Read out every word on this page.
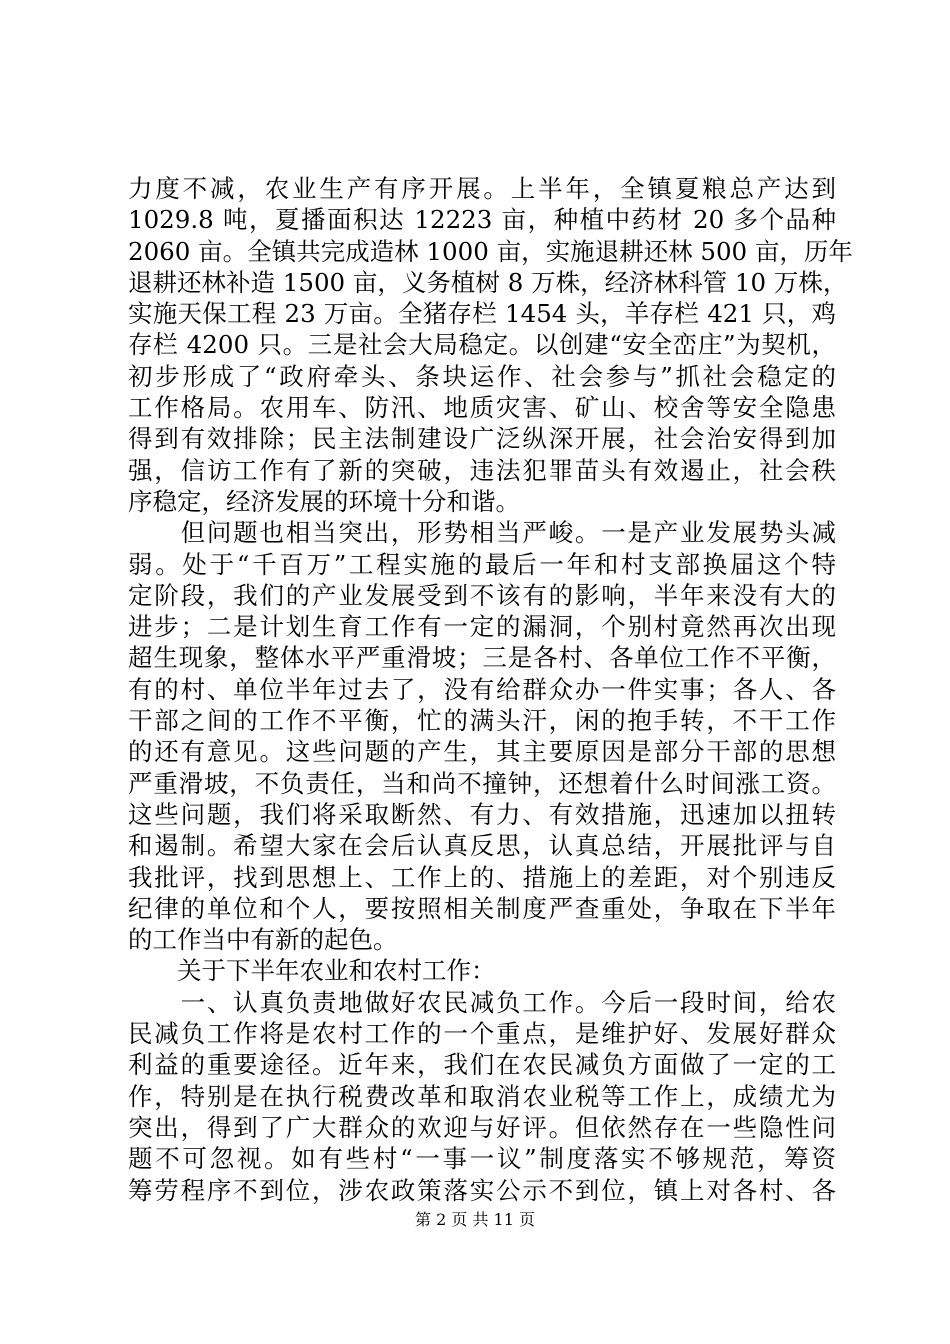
力度不减，农业生产有序开展。上半年，全镇夏粮总产达到
1029.8 吨，夏播面积达 12223 亩，种植中药材 20 多个品种
2060 亩。全镇共完成造林 1000 亩，实施退耕还林 500 亩，历年
退耕还林补造 1500 亩，义务植树 8 万株，经济林科管 10 万株，
实施天保工程 23 万亩。全猪存栏 1454 头，羊存栏 421 只，鸡
存栏 4200 只。三是社会大局稳定。以创建“安全峦庄”为契机，
初步形成了“政府牵头、条块运作、社会参与”抓社会稳定的
工作格局。农用车、防汛、地质灾害、矿山、校舍等安全隐患
得到有效排除；民主法制建设广泛纵深开展，社会治安得到加
强，信访工作有了新的突破，违法犯罪苗头有效遏止，社会秩
序稳定，经济发展的环境十分和谐。
　　但问题也相当突出，形势相当严峻。一是产业发展势头减
弱。处于“千百万”工程实施的最后一年和村支部换届这个特
定阶段，我们的产业发展受到不该有的影响，半年来没有大的
进步；二是计划生育工作有一定的漏洞，个别村竟然再次出现
超生现象，整体水平严重滑坡；三是各村、各单位工作不平衡，
有的村、单位半年过去了，没有给群众办一件实事；各人、各
干部之间的工作不平衡，忙的满头汗，闲的抱手转，不干工作
的还有意见。这些问题的产生，其主要原因是部分干部的思想
严重滑坡，不负责任，当和尚不撞钟，还想着什么时间涨工资。
这些问题，我们将采取断然、有力、有效措施，迅速加以扭转
和遏制。希望大家在会后认真反思，认真总结，开展批评与自
我批评，找到思想上、工作上的、措施上的差距，对个别违反
纪律的单位和个人，要按照相关制度严查重处，争取在下半年
的工作当中有新的起色。
　　关于下半年农业和农村工作：
　　一、认真负责地做好农民减负工作。今后一段时间，给农
民减负工作将是农村工作的一个重点，是维护好、发展好群众
利益的重要途径。近年来，我们在农民减负方面做了一定的工
作，特别是在执行税费改革和取消农业税等工作上，成绩尤为
突出，得到了广大群众的欢迎与好评。但依然存在一些隐性问
题不可忽视。如有些村“一事一议”制度落实不够规范，筹资
筹劳程序不到位，涉农政策落实公示不到位，镇上对各村、各
第 2 页 共 11 页
